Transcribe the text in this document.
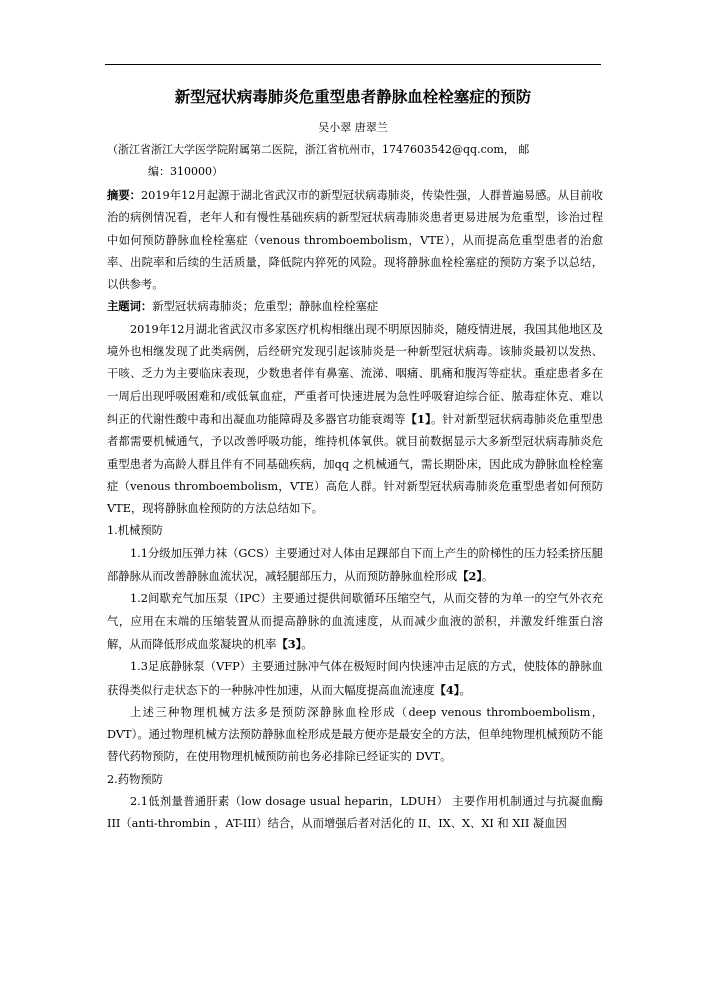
新型冠状病毒肺炎危重型患者静脉血栓栓塞症的预防
吴小翠 唐翠兰
（浙江省浙江大学医学院附属第二医院，浙江省杭州市，1747603542@qq.com， 邮
编：310000）

摘要：2019年12月起源于湖北省武汉市的新型冠状病毒肺炎，传染性强，人群普遍易感。从目前收治的病例情况看，老年人和有慢性基础疾病的新型冠状病毒肺炎患者更易进展为危重型，诊治过程中如何预防静脉血栓栓塞症（venous thromboembolism，VTE），从而提高危重型患者的治愈率、出院率和后续的生活质量，降低院内猝死的风险。现将静脉血栓栓塞症的预防方案予以总结，以供参考。

主题词：新型冠状病毒肺炎；危重型；静脉血栓栓塞症

2019年12月湖北省武汉市多家医疗机构相继出现不明原因肺炎，随疫情进展，我国其他地区及境外也相继发现了此类病例，后经研究发现引起该肺炎是一种新型冠状病毒。该肺炎最初以发热、干咳、乏力为主要临床表现，少数患者伴有鼻塞、流涕、咽痛、肌痛和腹泻等症状。重症患者多在一周后出现呼吸困难和/或低氧血症，严重者可快速进展为急性呼吸窘迫综合征、脓毒症休克、难以纠正的代谢性酸中毒和出凝血功能障碍及多器官功能衰竭等【1】。针对新型冠状病毒肺炎危重型患者都需要机械通气，予以改善呼吸功能，维持机体氧供。就目前数据显示大多新型冠状病毒肺炎危重型患者为高龄人群且伴有不同基础疾病，加qq 之机械通气，需长期卧床，因此成为静脉血栓栓塞症（venous thromboembolism，VTE）高危人群。针对新型冠状病毒肺炎危重型患者如何预防 VTE，现将静脉血栓预防的方法总结如下。

1.机械预防

1.1分级加压弹力袜（GCS）主要通过对人体由足踝部自下而上产生的阶梯性的压力轻柔挤压腿部静脉从而改善静脉血流状况，减轻腿部压力，从而预防静脉血栓形成【2】。

1.2间歇充气加压泵（IPC）主要通过提供间歇循环压缩空气，从而交替的为单一的空气外衣充气，应用在末端的压缩装置从而提高静脉的血流速度，从而减少血液的淤积，并激发纤维蛋白溶解，从而降低形成血浆凝块的机率【3】。

1.3足底静脉泵（VFP）主要通过脉冲气体在极短时间内快速冲击足底的方式，使肢体的静脉血获得类似行走状态下的一种脉冲性加速，从而大幅度提高血流速度【4】。

上述三种物理机械方法多是预防深静脉血栓形成（deep venous thromboembolism，DVT）。通过物理机械方法预防静脉血栓形成是最方便亦是最安全的方法，但单纯物理机械预防不能替代药物预防，在使用物理机械预防前也务必排除已经证实的 DVT。

2.药物预防

2.1低剂量普通肝素（low dosage usual heparin，LDUH） 主要作用机制通过与抗凝血酶 III（anti-thrombin ，AT-III）结合，从而增强后者对活化的 II、IX、X、XI 和 XII 凝血因
